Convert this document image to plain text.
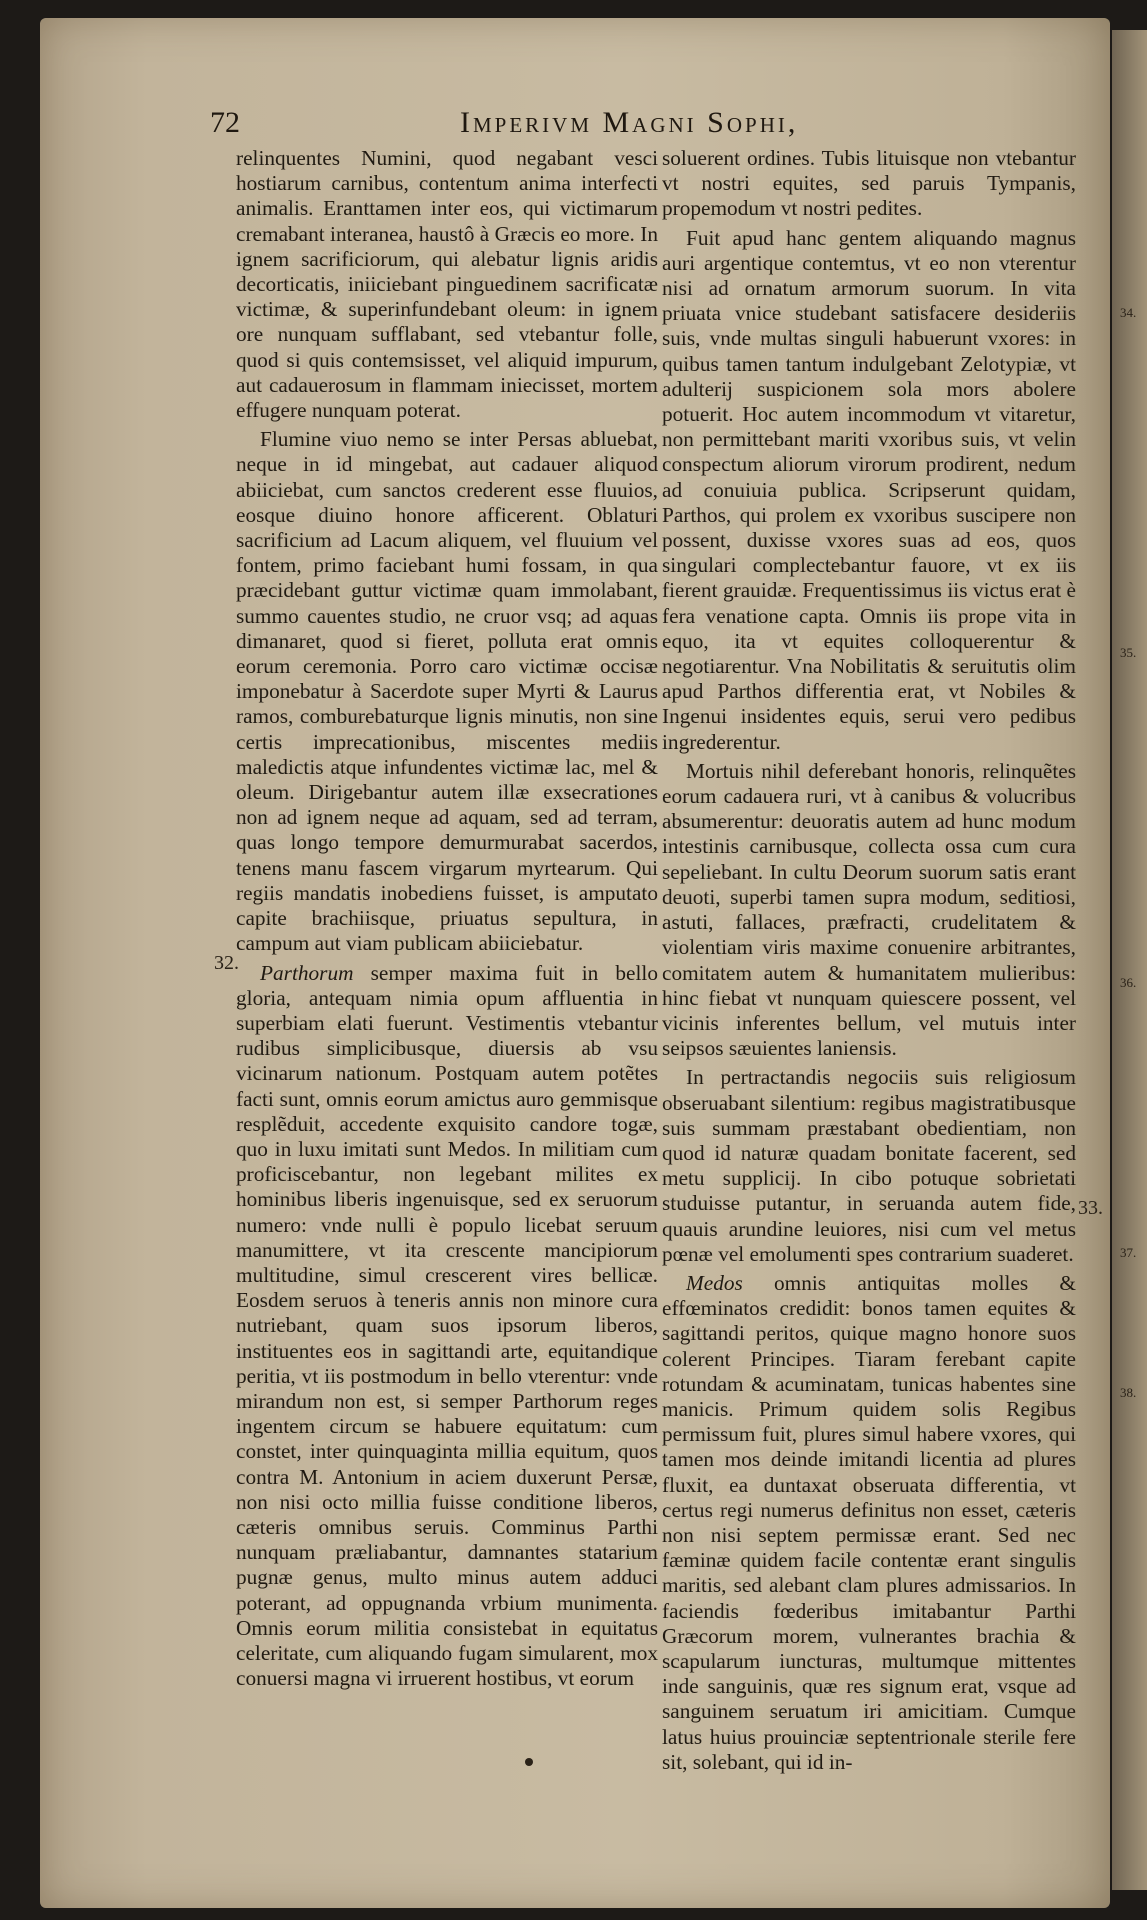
34.
35.
36.
37.
38.
72	Imperivm Magni Sophi,

relinquentes Numini, quod negabant vesci hostiarum carnibus, contentum anima interfecti animalis. Eranttamen inter eos, qui victimarum cremabant interanea, haustô à Græcis eo more. In ignem sacrificiorum, qui alebatur lignis aridis decorticatis, iniiciebant pinguedinem sacrificatæ victimæ, & superinfundebant oleum: in ignem ore nunquam sufflabant, sed vtebantur folle, quod si quis contemsisset, vel aliquid impurum, aut cadauerosum in flammam iniecisset, mortem effugere nunquam poterat.

Flumine viuo nemo se inter Persas abluebat, neque in id mingebat, aut cadauer aliquod abiiciebat, cum sanctos crederent esse fluuios, eosque diuino honore afficerent. Oblaturi sacrificium ad Lacum aliquem, vel fluuium vel fontem, primo faciebant humi fossam, in qua præcidebant guttur victimæ quam immolabant, summo cauentes studio, ne cruor vsq; ad aquas dimanaret, quod si fieret, polluta erat omnis eorum ceremonia. Porro caro victimæ occisæ imponebatur à Sacerdote super Myrti & Laurus ramos, comburebaturque lignis minutis, non sine certis imprecationibus, miscentes mediis maledictis atque infundentes victimæ lac, mel & oleum. Dirigebantur autem illæ exsecrationes non ad ignem neque ad aquam, sed ad terram, quas longo tempore demurmurabat sacerdos, tenens manu fascem virgarum myrtearum. Qui regiis mandatis inobediens fuisset, is amputato capite brachiisque, priuatus sepultura, in campum aut viam publicam abiiciebatur.

Parthorum semper maxima fuit in bello gloria, antequam nimia opum affluentia in superbiam elati fuerunt. Vestimentis vtebantur rudibus simplicibusque, diuersis ab vsu vicinarum nationum. Postquam autem potẽtes facti sunt, omnis eorum amictus auro gemmisque resplẽduit, accedente exquisito candore togæ, quo in luxu imitati sunt Medos. In militiam cum proficiscebantur, non legebant milites ex hominibus liberis ingenuisque, sed ex seruorum numero: vnde nulli è populo licebat seruum manumittere, vt ita crescente mancipiorum multitudine, simul crescerent vires bellicæ. Eosdem seruos à teneris annis non minore cura nutriebant, quam suos ipsorum liberos, instituentes eos in sagittandi arte, equitandique peritia, vt iis postmodum in bello vterentur: vnde mirandum non est, si semper Parthorum reges ingentem circum se habuere equitatum: cum constet, inter quinquaginta millia equitum, quos contra M. Antonium in aciem duxerunt Persæ, non nisi octo millia fuisse conditione liberos, cæteris omnibus seruis. Comminus Parthi nunquam præliabantur, damnantes statarium pugnæ genus, multo minus autem adduci poterant, ad oppugnanda vrbium munimenta. Omnis eorum militia consistebat in equitatus celeritate, cum aliquando fugam simularent, mox conuersi magna vi irruerent hostibus, vt eorum

soluerent ordines. Tubis lituisque non vtebantur vt nostri equites, sed paruis Tympanis, propemodum vt nostri pedites.

Fuit apud hanc gentem aliquando magnus auri argentique contemtus, vt eo non vterentur nisi ad ornatum armorum suorum. In vita priuata vnice studebant satisfacere desideriis suis, vnde multas singuli habuerunt vxores: in quibus tamen tantum indulgebant Zelotypiæ, vt adulterij suspicionem sola mors abolere potuerit. Hoc autem incommodum vt vitaretur, non permittebant mariti vxoribus suis, vt velin conspectum aliorum virorum prodirent, nedum ad conuiuia publica. Scripserunt quidam, Parthos, qui prolem ex vxoribus suscipere non possent, duxisse vxores suas ad eos, quos singulari complectebantur fauore, vt ex iis fierent grauidæ. Frequentissimus iis victus erat è fera venatione capta. Omnis iis prope vita in equo, ita vt equites colloquerentur & negotiarentur. Vna Nobilitatis & seruitutis olim apud Parthos differentia erat, vt Nobiles & Ingenui insidentes equis, serui vero pedibus ingrederentur.

Mortuis nihil deferebant honoris, relinquẽtes eorum cadauera ruri, vt à canibus & volucribus absumerentur: deuoratis autem ad hunc modum intestinis carnibusque, collecta ossa cum cura sepeliebant. In cultu Deorum suorum satis erant deuoti, superbi tamen supra modum, seditiosi, astuti, fallaces, præfracti, crudelitatem & violentiam viris maxime conuenire arbitrantes, comitatem autem & humanitatem mulieribus: hinc fiebat vt nunquam quiescere possent, vel vicinis inferentes bellum, vel mutuis inter seipsos sæuientes laniensis.

In pertractandis negociis suis religiosum obseruabant silentium: regibus magistratibusque suis summam præstabant obedientiam, non quod id naturæ quadam bonitate facerent, sed metu supplicij. In cibo potuque sobrietati studuisse putantur, in seruanda autem fide, quauis arundine leuiores, nisi cum vel metus pœnæ vel emolumenti spes contrarium suaderet.

Medos omnis antiquitas molles & effœminatos credidit: bonos tamen equites & sagittandi peritos, quique magno honore suos colerent Principes. Tiaram ferebant capite rotundam & acuminatam, tunicas habentes sine manicis. Primum quidem solis Regibus permissum fuit, plures simul habere vxores, qui tamen mos deinde imitandi licentia ad plures fluxit, ea duntaxat obseruata differentia, vt certus regi numerus definitus non esset, cæteris non nisi septem permissæ erant. Sed nec fæminæ quidem facile contentæ erant singulis maritis, sed alebant clam plures admissarios. In faciendis fœderibus imitabantur Parthi Græcorum morem, vulnerantes brachia & scapularum iuncturas, multumque mittentes inde sanguinis, quæ res signum erat, vsque ad sanguinem seruatum iri amicitiam. Cumque latus huius prouinciæ septentrionale sterile fere sit, solebant, qui id in-

32.
33.
